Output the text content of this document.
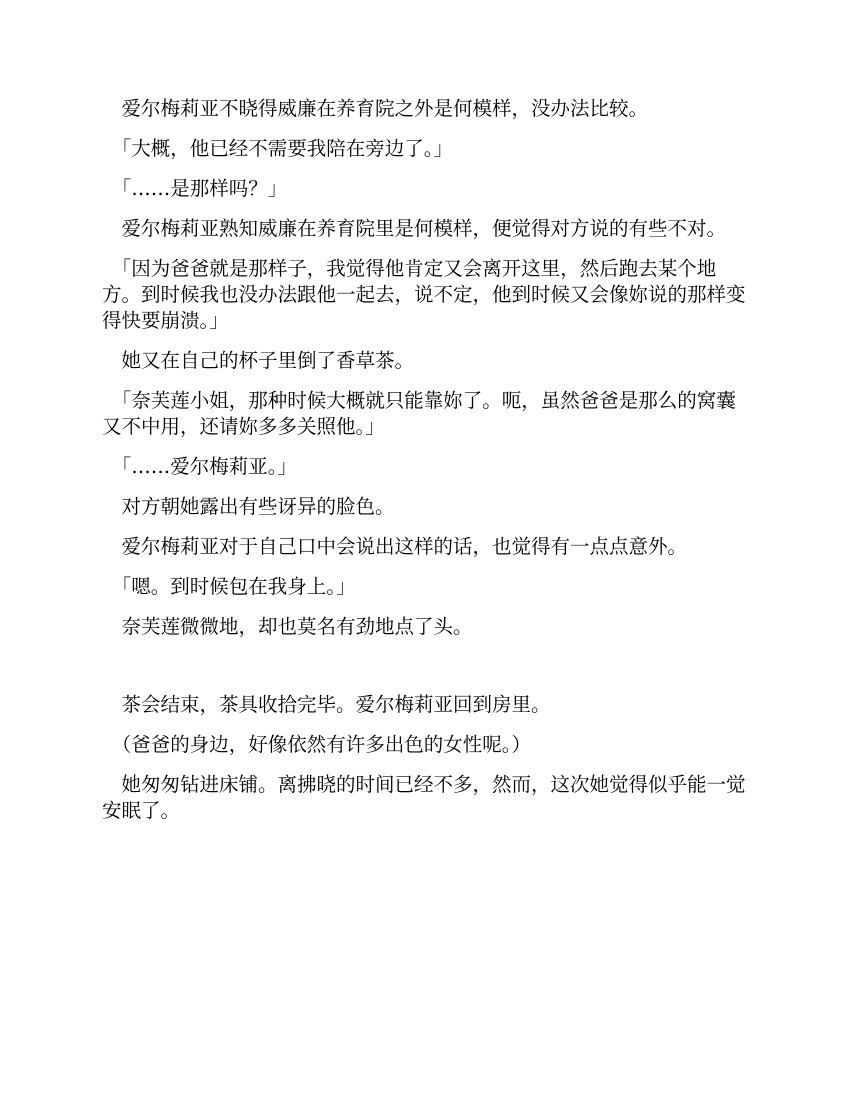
　爱尔梅莉亚不晓得威廉在养育院之外是何模样，没办法比较。

　「大概，他已经不需要我陪在旁边了。」

　「……是那样吗？」

　爱尔梅莉亚熟知威廉在养育院里是何模样，便觉得对方说的有些不对。

　「因为爸爸就是那样子，我觉得他肯定又会离开这里，然后跑去某个地方。到时候我也没办法跟他一起去，说不定，他到时候又会像妳说的那样变得快要崩溃。」

　她又在自己的杯子里倒了香草茶。

　「奈芙莲小姐，那种时候大概就只能靠妳了。呃，虽然爸爸是那么的窝囊又不中用，还请妳多多关照他。」

　「……爱尔梅莉亚。」

　对方朝她露出有些讶异的脸色。

　爱尔梅莉亚对于自己口中会说出这样的话，也觉得有一点点意外。

　「嗯。到时候包在我身上。」

　奈芙莲微微地，却也莫名有劲地点了头。

　茶会结束，茶具收拾完毕。爱尔梅莉亚回到房里。

　（爸爸的身边，好像依然有许多出色的女性呢。）

　她匆匆钻进床铺。离拂晓的时间已经不多，然而，这次她觉得似乎能一觉安眠了。
